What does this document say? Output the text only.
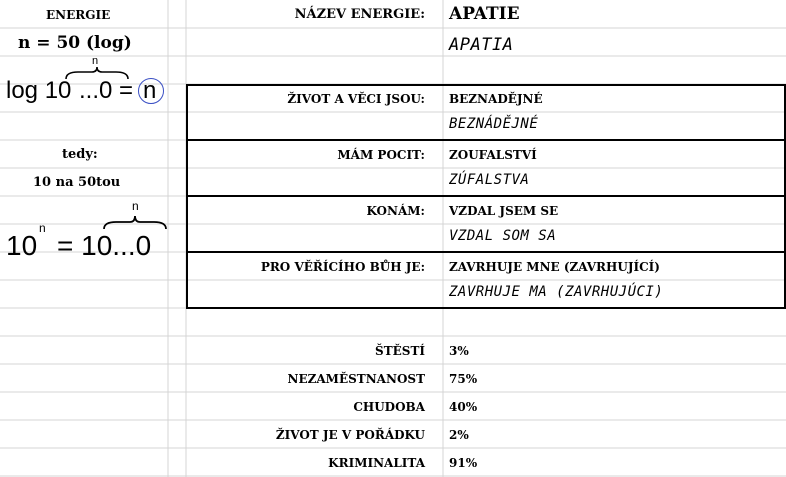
ENERGIE
n = 50 (log)
log 10 ...0 =
n
n
tedy:
10 na 50tou
10
n
= 10...0
n
NÁZEV ENERGIE: APATIE
APATIA
ŽIVOT A VĚCI JSOU: BEZNADĚJNÉ
BEZNÁDĚJNÉ
MÁM POCIT: ZOUFALSTVÍ
ZÚFALSTVA
KONÁM: VZDAL JSEM SE
VZDAL SOM SA
PRO VĚŘÍCÍHO BŮH JE: ZAVRHUJE MNE (ZAVRHUJÍCÍ)
ZAVRHUJE MA (ZAVRHUJÚCI)
ŠTĚSTÍ 3%
NEZAMĚSTNANOST 75%
CHUDOBA 40%
ŽIVOT JE V POŘÁDKU 2%
KRIMINALITA 91%
